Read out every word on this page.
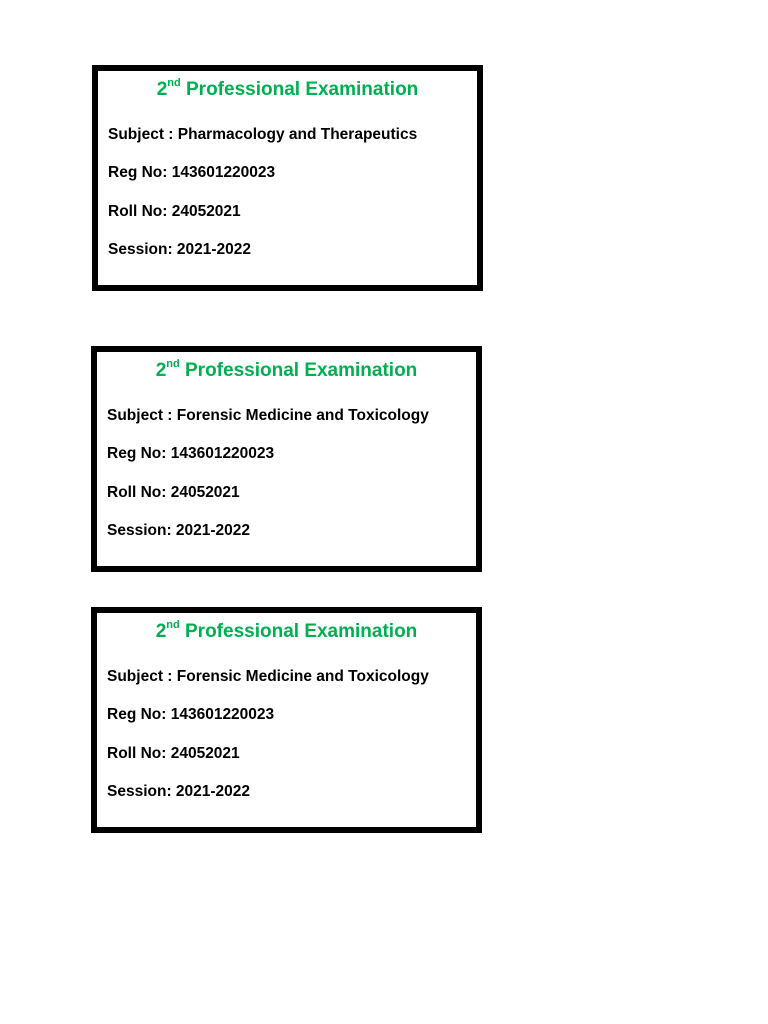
2nd Professional Examination
Subject : Pharmacology and Therapeutics
Reg No: 143601220023
Roll No: 24052021
Session: 2021-2022
2nd Professional Examination
Subject : Forensic Medicine and Toxicology
Reg No: 143601220023
Roll No: 24052021
Session: 2021-2022
2nd Professional Examination
Subject : Forensic Medicine and Toxicology
Reg No: 143601220023
Roll No: 24052021
Session: 2021-2022
